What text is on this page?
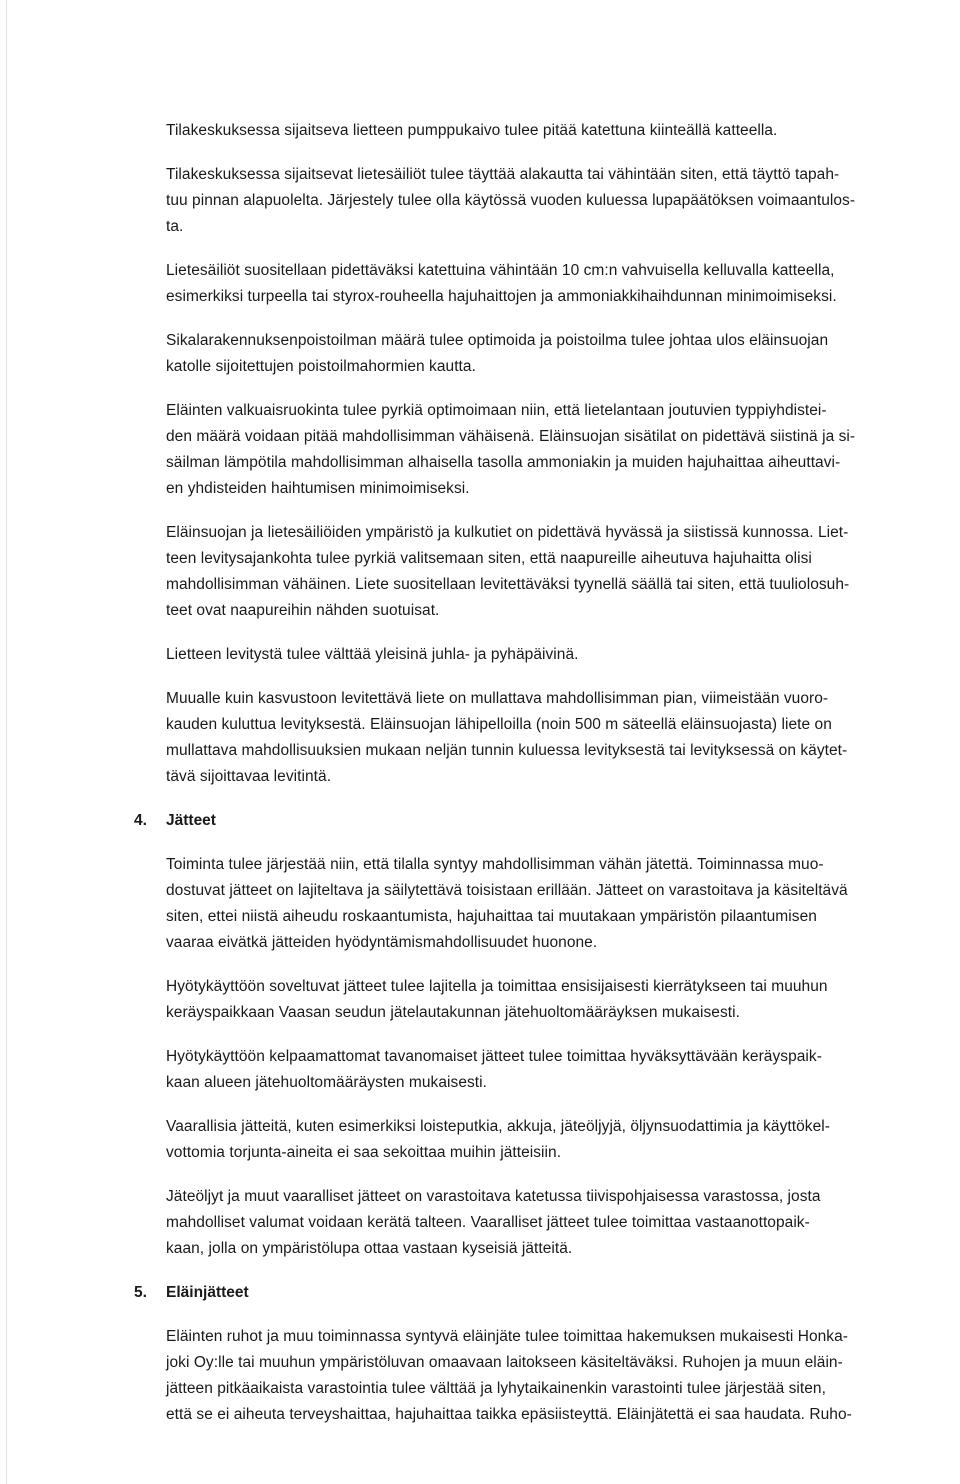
Tilakeskuksessa sijaitseva lietteen pumppukaivo tulee pitää katettuna kiinteällä katteella.

Tilakeskuksessa sijaitsevat lietesäiliöt tulee täyttää alakautta tai vähintään siten, että täyttö tapah-
tuu pinnan alapuolelta. Järjestely tulee olla käytössä vuoden kuluessa lupapäätöksen voimaantulos-
ta.

Lietesäiliöt suositellaan pidettäväksi katettuina vähintään 10 cm:n vahvuisella kelluvalla katteella,
esimerkiksi turpeella tai styrox-rouheella hajuhaittojen ja ammoniakkihaihdunnan minimoimiseksi.

Sikalarakennuksenpoistoilman määrä tulee optimoida ja poistoilma tulee johtaa ulos eläinsuojan
katolle sijoitettujen poistoilmahormien kautta.

Eläinten valkuaisruokinta tulee pyrkiä optimoimaan niin, että lietelantaan joutuvien typpiyhdistei-
den määrä voidaan pitää mahdollisimman vähäisenä. Eläinsuojan sisätilat on pidettävä siistinä ja si-
säilman lämpötila mahdollisimman alhaisella tasolla ammoniakin ja muiden hajuhaittaa aiheuttavi-
en yhdisteiden haihtumisen minimoimiseksi.

Eläinsuojan ja lietesäiliöiden ympäristö ja kulkutiet on pidettävä hyvässä ja siistissä kunnossa. Liet-
teen levitysajankohta tulee pyrkiä valitsemaan siten, että naapureille aiheutuva hajuhaitta olisi
mahdollisimman vähäinen. Liete suositellaan levitettäväksi tyynellä säällä tai siten, että tuuliolosuh-
teet ovat naapureihin nähden suotuisat.

Lietteen levitystä tulee välttää yleisinä juhla- ja pyhäpäivinä.

Muualle kuin kasvustoon levitettävä liete on mullattava mahdollisimman pian, viimeistään vuoro-
kauden kuluttua levityksestä. Eläinsuojan lähipelloilla (noin 500 m säteellä eläinsuojasta) liete on
mullattava mahdollisuuksien mukaan neljän tunnin kuluessa levityksestä tai levityksessä on käytet-
tävä sijoittavaa levitintä.

4. Jätteet

Toiminta tulee järjestää niin, että tilalla syntyy mahdollisimman vähän jätettä. Toiminnassa muo-
dostuvat jätteet on lajiteltava ja säilytettävä toisistaan erillään. Jätteet on varastoitava ja käsiteltävä
siten, ettei niistä aiheudu roskaantumista, hajuhaittaa tai muutakaan ympäristön pilaantumisen
vaaraa eivätkä jätteiden hyödyntämismahdollisuudet huonone.

Hyötykäyttöön soveltuvat jätteet tulee lajitella ja toimittaa ensisijaisesti kierrätykseen tai muuhun
keräyspaikkaan Vaasan seudun jätelautakunnan jätehuoltomääräyksen mukaisesti.

Hyötykäyttöön kelpaamattomat tavanomaiset jätteet tulee toimittaa hyväksyttävään keräyspaik-
kaan alueen jätehuoltomääräysten mukaisesti.

Vaarallisia jätteitä, kuten esimerkiksi loisteputkia, akkuja, jäteöljyjä, öljynsuodattimia ja käyttökel-
vottomia torjunta-aineita ei saa sekoittaa muihin jätteisiin.

Jäteöljyt ja muut vaaralliset jätteet on varastoitava katetussa tiivispohjaisessa varastossa, josta
mahdolliset valumat voidaan kerätä talteen. Vaaralliset jätteet tulee toimittaa vastaanottopaik-
kaan, jolla on ympäristölupa ottaa vastaan kyseisiä jätteitä.

5. Eläinjätteet

Eläinten ruhot ja muu toiminnassa syntyvä eläinjäte tulee toimittaa hakemuksen mukaisesti Honka-
joki Oy:lle tai muuhun ympäristöluvan omaavaan laitokseen käsiteltäväksi. Ruhojen ja muun eläin-
jätteen pitkäaikaista varastointia tulee välttää ja lyhytaikainenkin varastointi tulee järjestää siten,
että se ei aiheuta terveyshaittaa, hajuhaittaa taikka epäsiisteyttä. Eläinjätettä ei saa haudata. Ruho-
